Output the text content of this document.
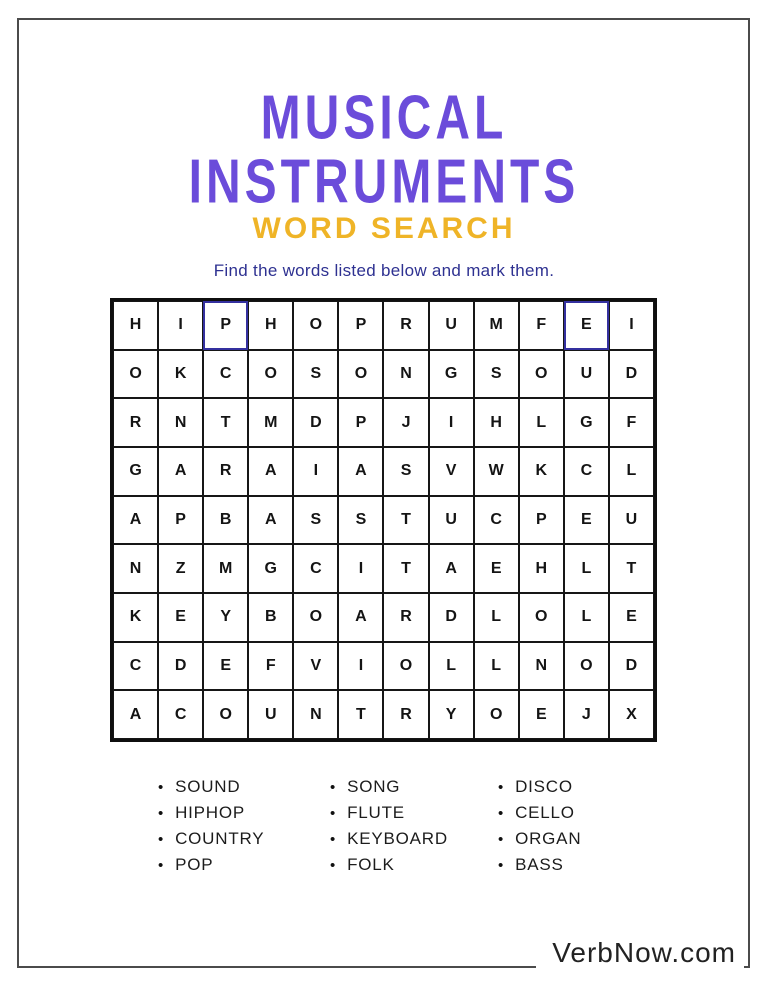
MUSICAL
INSTRUMENTS
WORD SEARCH
Find the words listed below and mark them.
H I P H O P R U M F E I
O K C O S O N G S O U D
R N T M D P J I H L G F
G A R A I A S V W K C L
A P B A S S T U C P E U
N Z M G C I T A E H L T
K E Y B O A R D L O L E
C D E F V I O L L N O D
A C O U N T R Y O E J X
• SOUND
• HIPHOP
• COUNTRY
• POP
• SONG
• FLUTE
• KEYBOARD
• FOLK
• DISCO
• CELLO
• ORGAN
• BASS
VerbNow.com
